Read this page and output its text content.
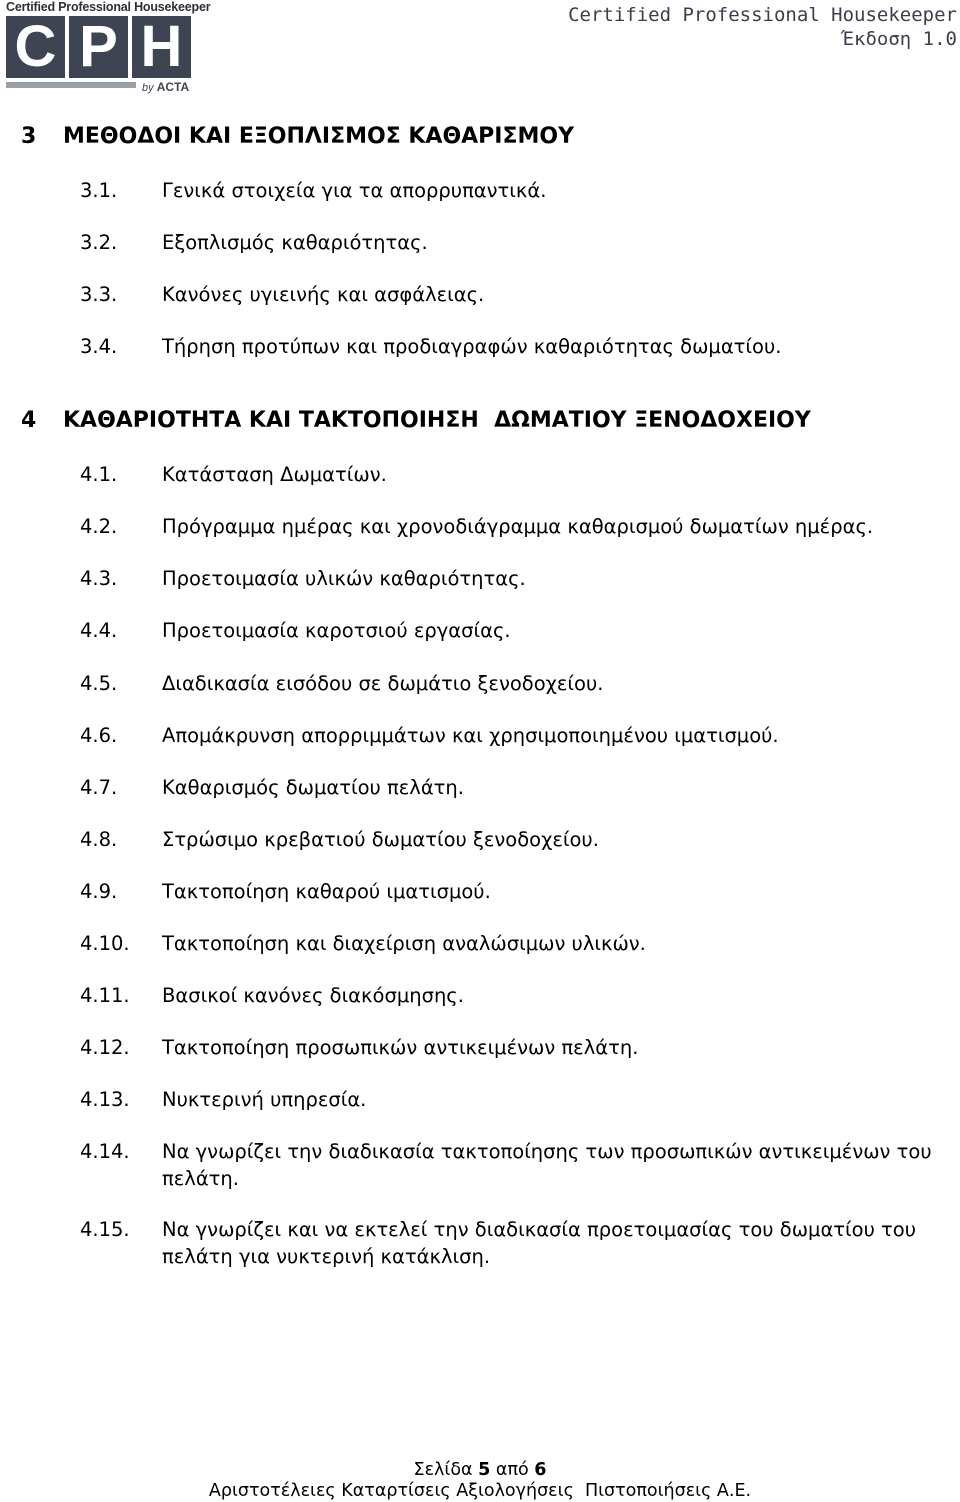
Certified Professional Housekeeper
C P H
by ACTA
Certified Professional Housekeeper
Έκδοση 1.0
3 ΜΕΘΟΔΟΙ ΚΑΙ ΕΞΟΠΛΙΣΜΟΣ ΚΑΘΑΡΙΣΜΟΥ
3.1.	Γενικά στοιχεία για τα απορρυπαντικά.
3.2.	Εξοπλισμός καθαριότητας.
3.3.	Κανόνες υγιεινής και ασφάλειας.
3.4.	Τήρηση προτύπων και προδιαγραφών καθαριότητας δωματίου.
4 ΚΑΘΑΡΙΟΤΗΤΑ ΚΑΙ ΤΑΚΤΟΠΟΙΗΣΗ  ΔΩΜΑΤΙΟΥ ΞΕΝΟΔΟΧΕΙΟΥ
4.1.	Κατάσταση Δωματίων.
4.2.	Πρόγραμμα ημέρας και χρονοδιάγραμμα καθαρισμού δωματίων ημέρας.
4.3.	Προετοιμασία υλικών καθαριότητας.
4.4.	Προετοιμασία καροτσιού εργασίας.
4.5.	Διαδικασία εισόδου σε δωμάτιο ξενοδοχείου.
4.6.	Απομάκρυνση απορριμμάτων και χρησιμοποιημένου ιματισμού.
4.7.	Καθαρισμός δωματίου πελάτη.
4.8.	Στρώσιμο κρεβατιού δωματίου ξενοδοχείου.
4.9.	Τακτοποίηση καθαρού ιματισμού.
4.10.	Τακτοποίηση και διαχείριση αναλώσιμων υλικών.
4.11.	Βασικοί κανόνες διακόσμησης.
4.12.	Τακτοποίηση προσωπικών αντικειμένων πελάτη.
4.13.	Νυκτερινή υπηρεσία.
4.14.	Να γνωρίζει την διαδικασία τακτοποίησης των προσωπικών αντικειμένων του πελάτη.
4.15.	Να γνωρίζει και να εκτελεί την διαδικασία προετοιμασίας του δωματίου του πελάτη για νυκτερινή κατάκλιση.
Σελίδα 5 από 6
Αριστοτέλειες Καταρτίσεις Αξιολογήσεις  Πιστοποιήσεις Α.Ε.
